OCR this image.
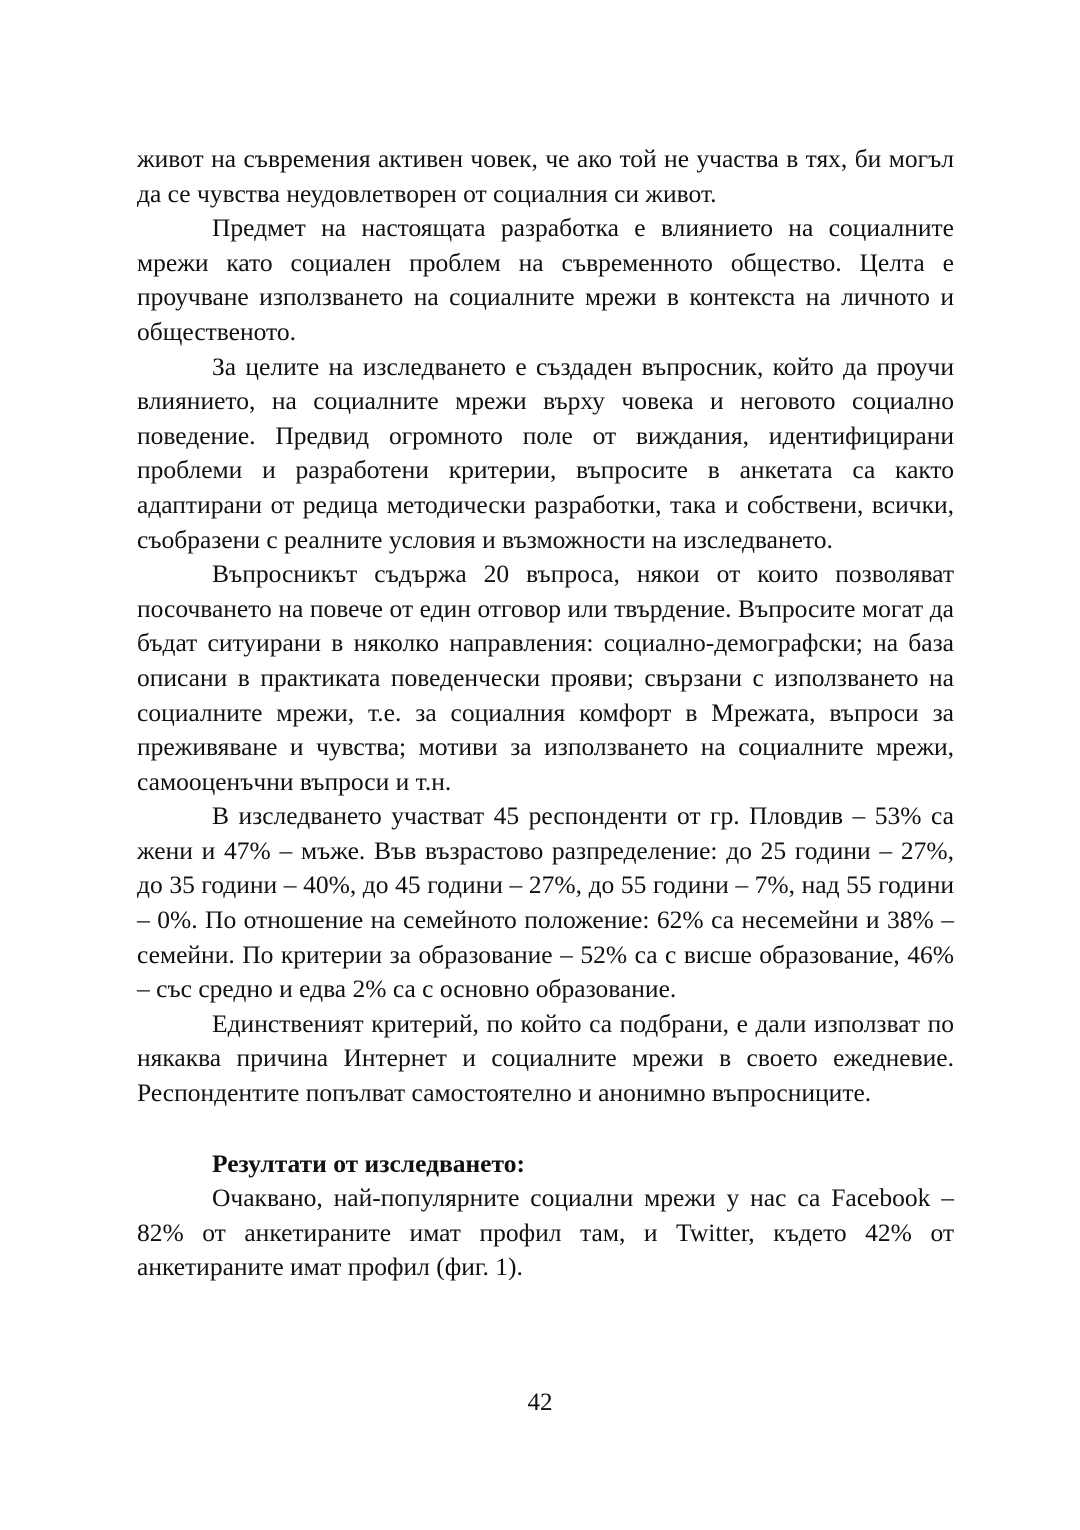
живот на съвремения активен човек, че ако той не участва в тях, би могъл да се чувства неудовлетворен от социалния си живот.

Предмет на настоящата разработка е влиянието на социалните мрежи като социален проблем на съвременното общество. Целта е проучване използването на социалните мрежи в контекста на личното и общественото.

За целите на изследването е създаден въпросник, който да проучи влиянието, на социалните мрежи върху човека и неговото социално поведение. Предвид огромното поле от виждания, идентифицирани проблеми и разработени критерии, въпросите в анкетата са както адаптирани от редица методически разработки, така и собствени, всички, съобразени с реалните условия и възможности на изследването.

Въпросникът съдържа 20 въпроса, някои от които позволяват посочването на повече от един отговор или твърдение. Въпросите могат да бъдат ситуирани в няколко направления: социално-демографски; на база описани в практиката поведенчески прояви; свързани с използването на социалните мрежи, т.е. за социалния комфорт в Мрежата, въпроси за преживяване и чувства; мотиви за използването на социалните мрежи, самооценъчни въпроси и т.н.

В изследването участват 45 респонденти от гр. Пловдив – 53% са жени и 47% – мъже. Във възрастово разпределение: до 25 години – 27%, до 35 години – 40%, до 45 години – 27%, до 55 години – 7%, над 55 години – 0%. По отношение на семейното положение: 62% са несемейни и 38% – семейни. По критерии за образование – 52% са с висше образование, 46% – със средно и едва 2% са с основно образование.

Единственият критерий, по който са подбрани, е дали използват по някаква причина Интернет и социалните мрежи в своето ежедневие. Респондентите попълват самостоятелно и анонимно въпросниците.

Резултати от изследването:

Очаквано, най-популярните социални мрежи у нас са Facebook – 82% от анкетираните имат профил там, и Twitter, където 42% от анкетираните имат профил (фиг. 1).

42
